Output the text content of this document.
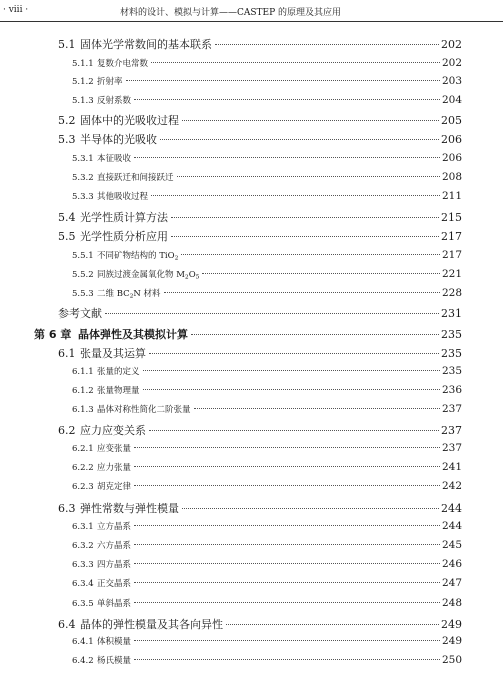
· viii ·	材料的设计、模拟与计算——CASTEP 的原理及其应用
5.1 固体光学常数间的基本联系	202
5.1.1 复数介电常数	202
5.1.2 折射率	203
5.1.3 反射系数	204
5.2 固体中的光吸收过程	205
5.3 半导体的光吸收	206
5.3.1 本征吸收	206
5.3.2 直接跃迁和间接跃迁	208
5.3.3 其他吸收过程	211
5.4 光学性质计算方法	215
5.5 光学性质分析应用	217
5.5.1 不同矿物结构的 TiO$_2$	217
5.5.2 同族过渡金属氧化物 $M_2O_5$	221
5.5.3 二维 $BC_2N$ 材料	228
参考文献	231
第 6 章 晶体弹性及其模拟计算	235
6.1 张量及其运算	235
6.1.1 张量的定义	235
6.1.2 张量物理量	236
6.1.3 晶体对称性简化二阶张量	237
6.2 应力应变关系	237
6.2.1 应变张量	237
6.2.2 应力张量	241
6.2.3 胡克定律	242
6.3 弹性常数与弹性模量	244
6.3.1 立方晶系	244
6.3.2 六方晶系	245
6.3.3 四方晶系	246
6.3.4 正交晶系	247
6.3.5 单斜晶系	248
6.4 晶体的弹性模量及其各向异性	249
6.4.1 体积模量	249
6.4.2 杨氏模量	250
